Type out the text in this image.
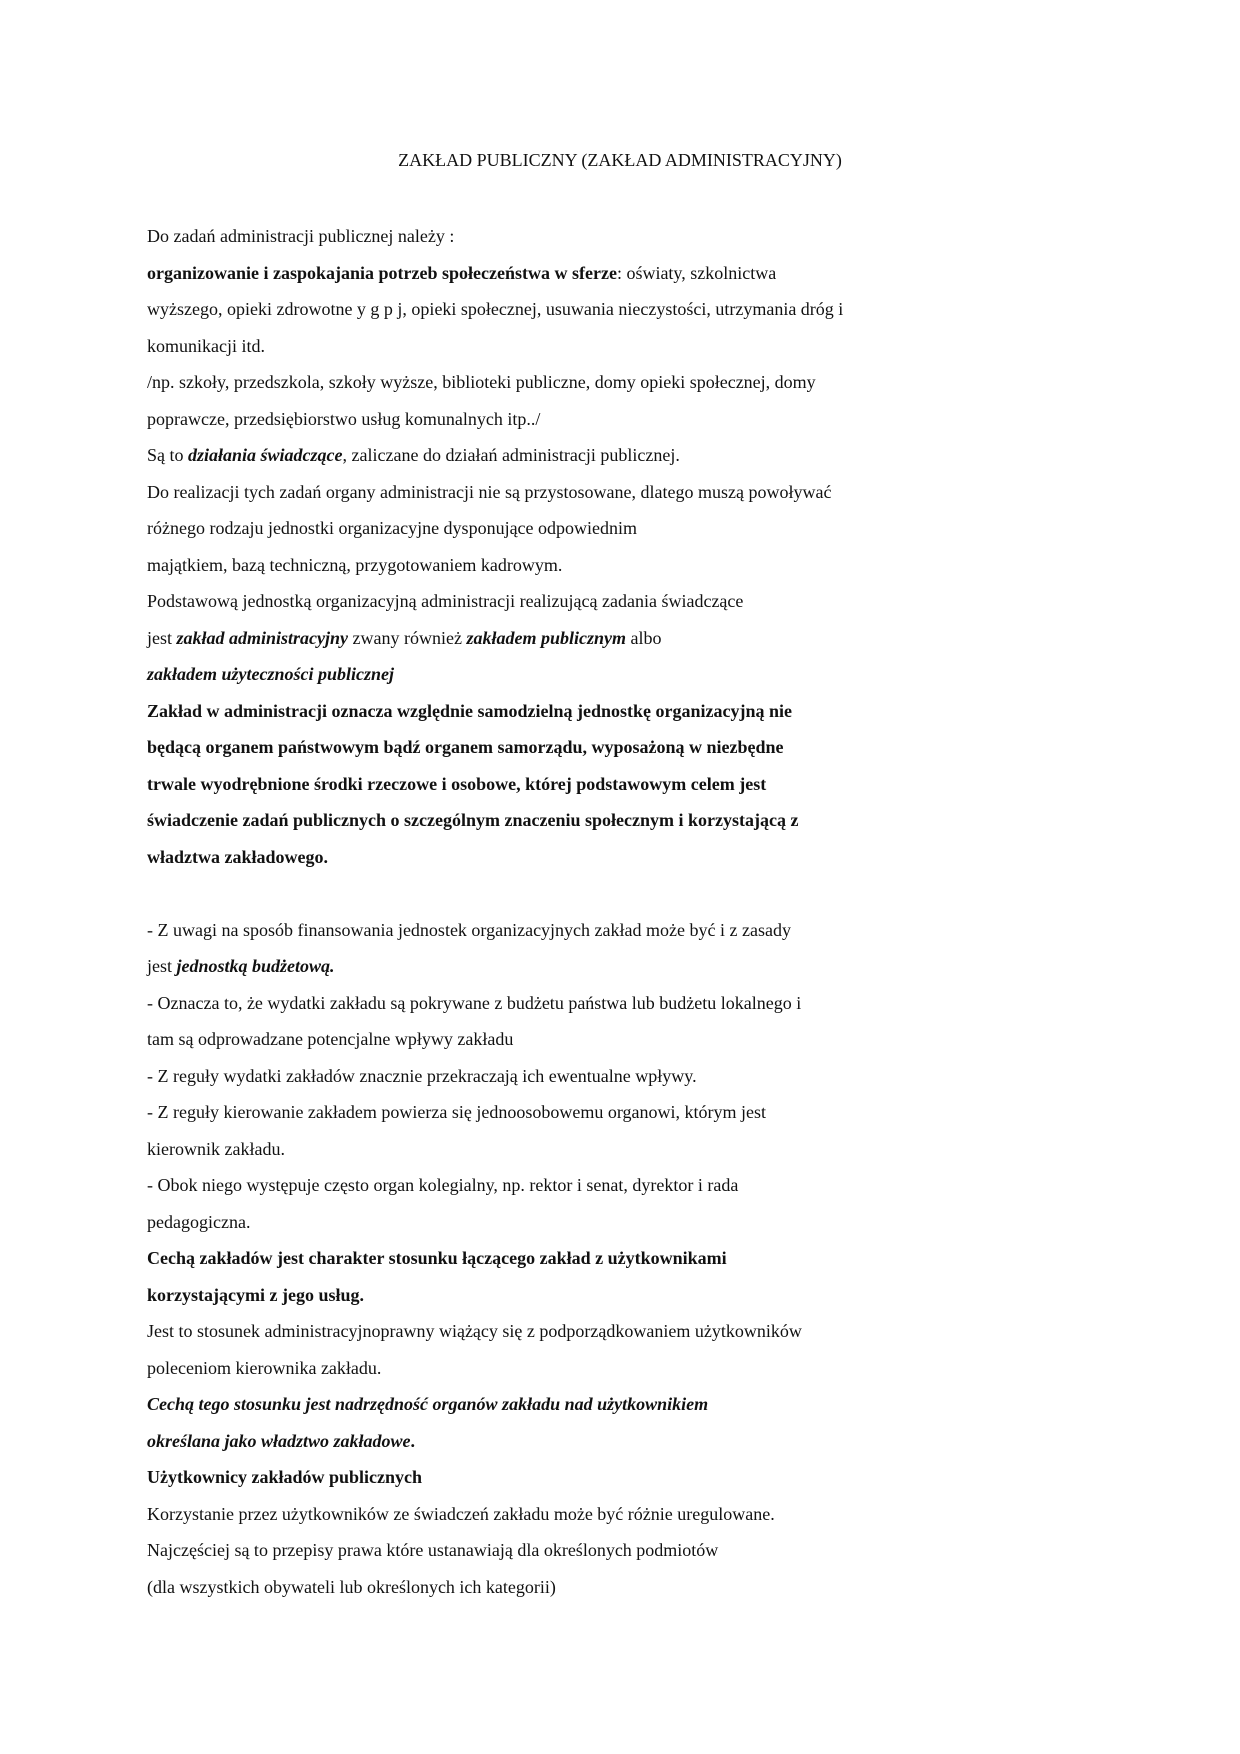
ZAKŁAD PUBLICZNY (ZAKŁAD ADMINISTRACYJNY)
Do zadań administracji publicznej należy :
organizowanie i zaspokajania potrzeb społeczeństwa w sferze: oświaty, szkolnictwa
wyższego, opieki zdrowotne y g p j, opieki społecznej, usuwania nieczystości, utrzymania dróg i
komunikacji itd.
/np. szkoły, przedszkola, szkoły wyższe, biblioteki publiczne, domy opieki społecznej, domy
poprawcze, przedsiębiorstwo usług komunalnych itp../
Są to działania świadczące, zaliczane do działań administracji publicznej.
Do realizacji tych zadań organy administracji nie są przystosowane, dlatego muszą powoływać
różnego rodzaju jednostki organizacyjne dysponujące odpowiednim
majątkiem, bazą techniczną, przygotowaniem kadrowym.
Podstawową jednostką organizacyjną administracji realizującą zadania świadczące
jest zakład administracyjny zwany również zakładem publicznym albo
zakładem użyteczności publicznej
Zakład w administracji oznacza względnie samodzielną jednostkę organizacyjną nie
będącą organem państwowym bądź organem samorządu, wyposażoną w niezbędne
trwale wyodrębnione środki rzeczowe i osobowe, której podstawowym celem jest
świadczenie zadań publicznych o szczególnym znaczeniu społecznym i korzystającą z
władztwa zakładowego.
- Z uwagi na sposób finansowania jednostek organizacyjnych zakład może być i z zasady
jest jednostką budżetową.
- Oznacza to, że wydatki zakładu są pokrywane z budżetu państwa lub budżetu lokalnego i
tam są odprowadzane potencjalne wpływy zakładu
- Z reguły wydatki zakładów znacznie przekraczają ich ewentualne wpływy.
- Z reguły kierowanie zakładem powierza się jednoosobowemu organowi, którym jest
kierownik zakładu.
- Obok niego występuje często organ kolegialny, np. rektor i senat, dyrektor i rada
pedagogiczna.
Cechą zakładów jest charakter stosunku łączącego zakład z użytkownikami
korzystającymi z jego usług.
Jest to stosunek administracyjnoprawny wiążący się z podporządkowaniem użytkowników
poleceniom kierownika zakładu.
Cechą tego stosunku jest nadrzędność organów zakładu nad użytkownikiem
określana jako władztwo zakładowe.
Użytkownicy zakładów publicznych
Korzystanie przez użytkowników ze świadczeń zakładu może być różnie uregulowane.
Najczęściej są to przepisy prawa które ustanawiają dla określonych podmiotów
(dla wszystkich obywateli lub określonych ich kategorii)
